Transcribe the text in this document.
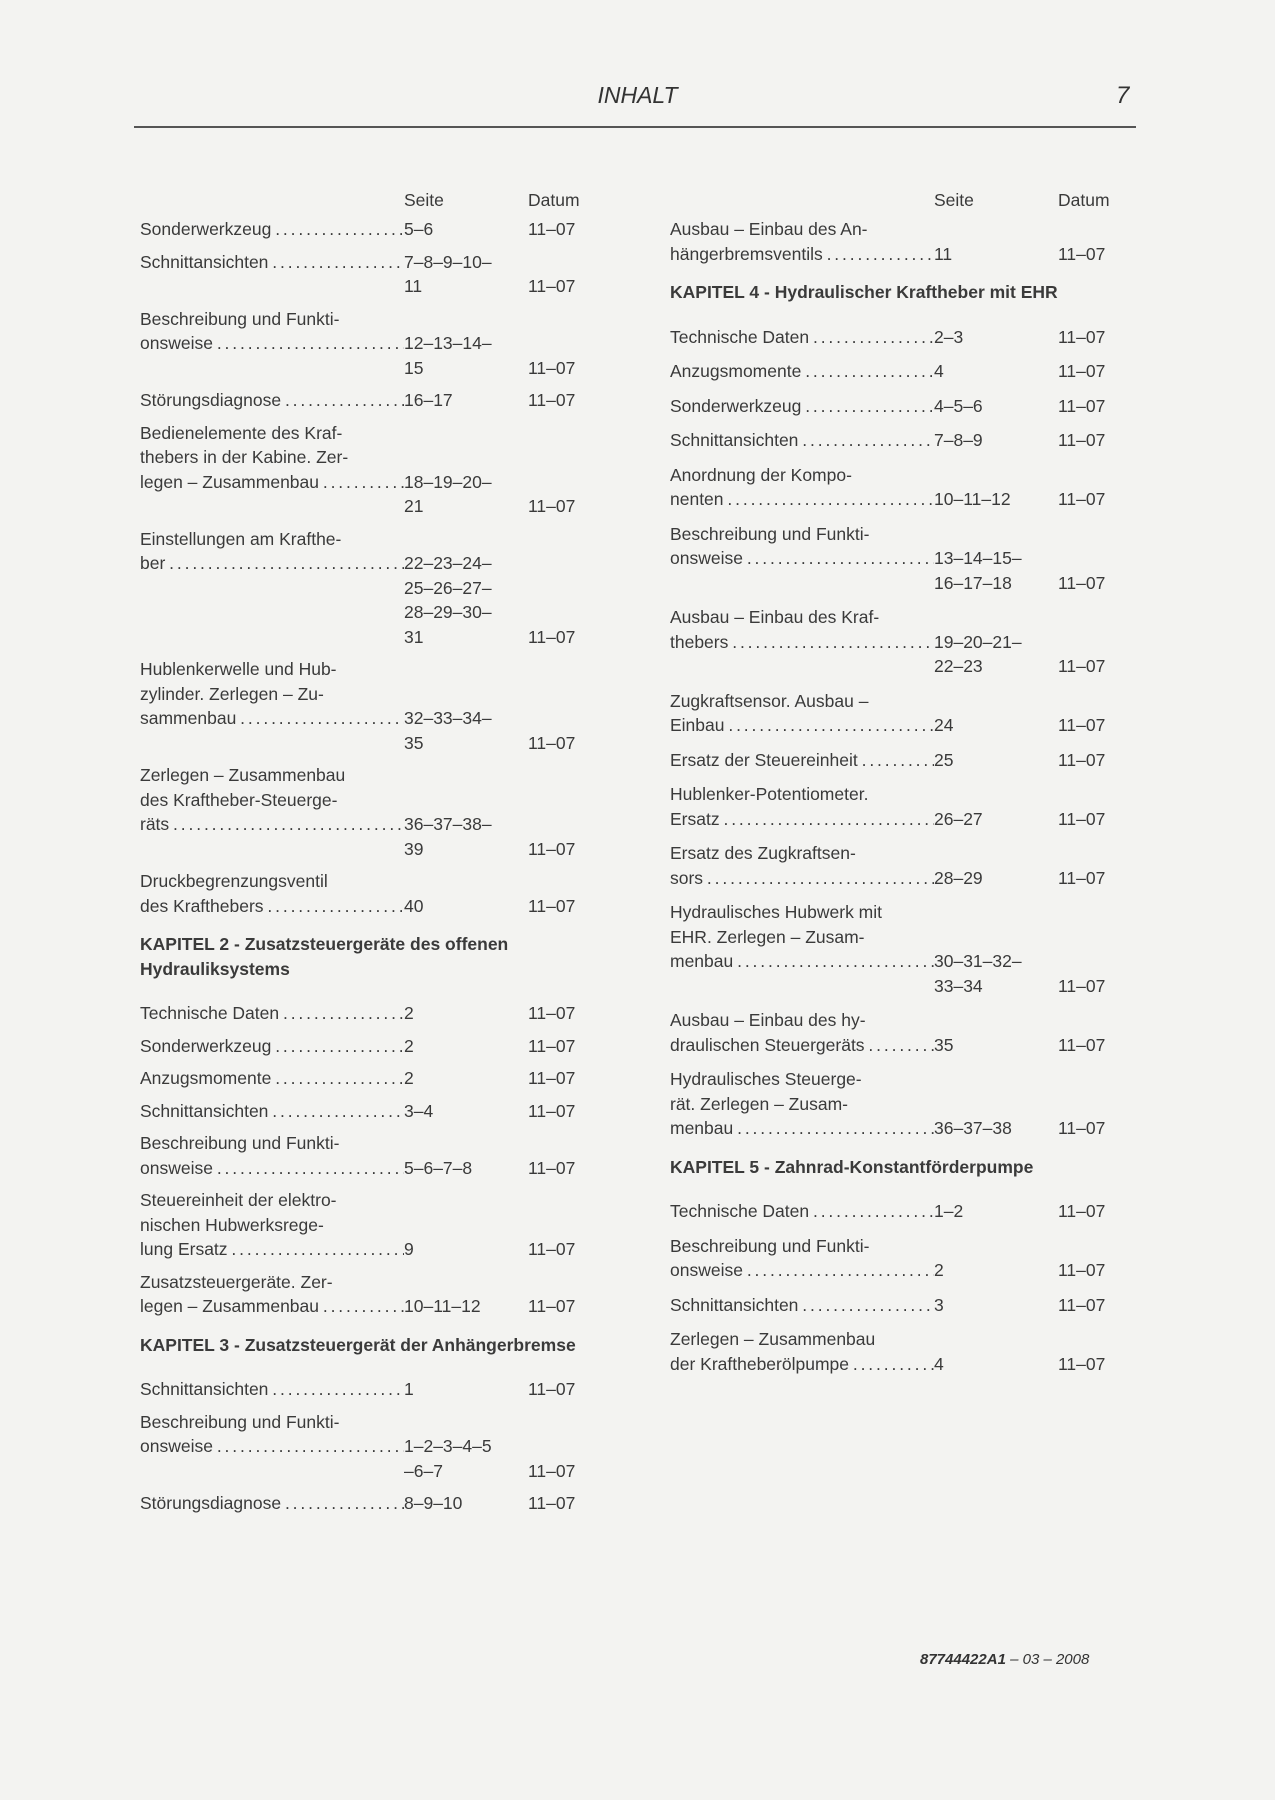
INHALT	7
Seite	Datum
Sonderwerkzeug . . .	5–6	11–07
Schnittansichten . . .	7–8–9–10–
11	11–07
Beschreibung und Funkti-
onsweise . . .	12–13–14–
15	11–07
Störungsdiagnose . . .	16–17	11–07
Bedienelemente des Kraf-
thebers in der Kabine. Zer-
legen – Zusammenbau . . .	18–19–20–
21	11–07
Einstellungen am Krafthe-
ber . . .	22–23–24–
25–26–27–
28–29–30–
31	11–07
Hublenkerwelle und Hub-
zylinder. Zerlegen – Zu-
sammenbau . . .	32–33–34–
35	11–07
Zerlegen – Zusammenbau
des Kraftheber-Steuerge-
räts . . .	36–37–38–
39	11–07
Druckbegrenzungsventil
des Krafthebers . . .	40	11–07
KAPITEL 2 - Zusatzsteuergeräte des offenen Hydrauliksystems
Technische Daten . . .	2	11–07
Sonderwerkzeug . . .	2	11–07
Anzugsmomente . . .	2	11–07
Schnittansichten . . .	3–4	11–07
Beschreibung und Funkti-
onsweise . . .	5–6–7–8	11–07
Steuereinheit der elektro-
nischen Hubwerksrege-
lung Ersatz . . .	9	11–07
Zusatzsteuergeräte. Zer-
legen – Zusammenbau . . .	10–11–12	11–07
KAPITEL 3 - Zusatzsteuergerät der Anhängerbremse
Schnittansichten . . .	1	11–07
Beschreibung und Funkti-
onsweise . . .	1–2–3–4–5
–6–7	11–07
Störungsdiagnose . . .	8–9–10	11–07
Seite	Datum
Ausbau – Einbau des An-
hängerbremsventils . . .	11	11–07
KAPITEL 4 - Hydraulischer Kraftheber mit EHR
Technische Daten . . .	2–3	11–07
Anzugsmomente . . .	4	11–07
Sonderwerkzeug . . .	4–5–6	11–07
Schnittansichten . . .	7–8–9	11–07
Anordnung der Kompo-
nenten . . .	10–11–12	11–07
Beschreibung und Funkti-
onsweise . . .	13–14–15–
16–17–18	11–07
Ausbau – Einbau des Kraf-
thebers . . .	19–20–21–
22–23	11–07
Zugkraftsensor. Ausbau –
Einbau . . .	24	11–07
Ersatz der Steuereinheit . . .	25	11–07
Hublenker-Potentiometer.
Ersatz . . .	26–27	11–07
Ersatz des Zugkraftsen-
sors . . .	28–29	11–07
Hydraulisches Hubwerk mit
EHR. Zerlegen – Zusam-
menbau . . .	30–31–32–
33–34	11–07
Ausbau – Einbau des hy-
draulischen Steuergeräts . . .	35	11–07
Hydraulisches Steuerge-
rät. Zerlegen – Zusam-
menbau . . .	36–37–38	11–07
KAPITEL 5 - Zahnrad-Konstantförderpumpe
Technische Daten . . .	1–2	11–07
Beschreibung und Funkti-
onsweise . . .	2	11–07
Schnittansichten . . .	3	11–07
Zerlegen – Zusammenbau
der Kraftheberölpumpe . . .	4	11–07
87744422A1 – 03 – 2008
